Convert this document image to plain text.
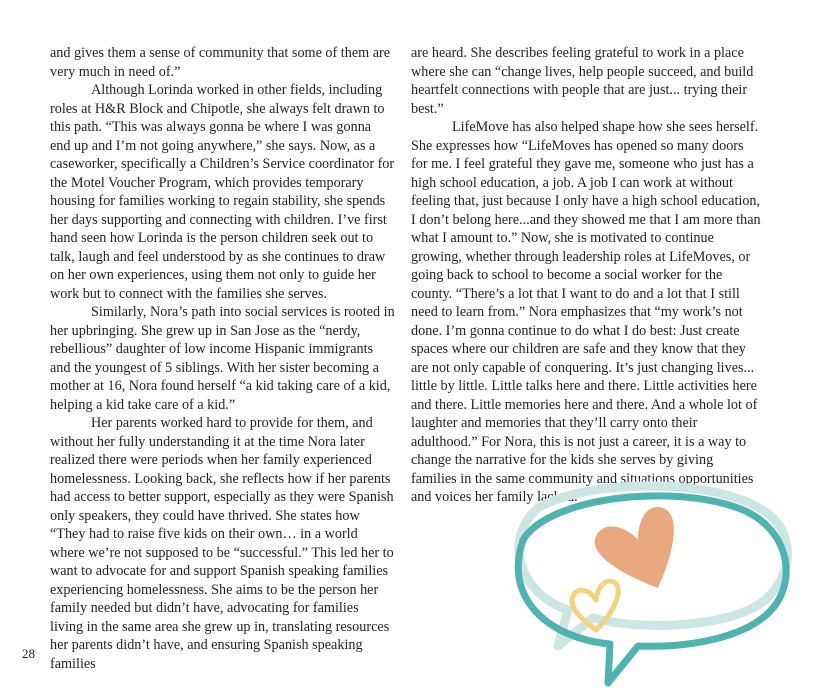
and gives them a sense of community that some of them are very much in need of.”

Although Lorinda worked in other fields, including roles at H&R Block and Chipotle, she always felt drawn to this path. “This was always gonna be where I was gonna end up and I’m not going anywhere,” she says. Now, as a caseworker, specifically a Children’s Service coordinator for the Motel Voucher Program, which provides temporary housing for families working to regain stability, she spends her days supporting and connecting with children. I’ve first hand seen how Lorinda is the person children seek out to talk, laugh and feel understood by as she continues to draw on her own experiences, using them not only to guide her work but to connect with the families she serves.

Similarly, Nora’s path into social services is rooted in her upbringing. She grew up in San Jose as the “nerdy, rebellious” daughter of low income Hispanic immigrants and the youngest of 5 siblings. With her sister becoming a mother at 16, Nora found herself “a kid taking care of a kid, helping a kid take care of a kid.”

Her parents worked hard to provide for them, and without her fully understanding it at the time Nora later realized there were periods when her family experienced homelessness. Looking back, she reflects how if her parents had access to better support, especially as they were Spanish only speakers, they could have thrived. She states how “They had to raise five kids on their own… in a world where we’re not supposed to be “successful.” This led her to want to advocate for and support Spanish speaking families experiencing homelessness. She aims to be the person her family needed but didn’t have, advocating for families living in the same area she grew up in, translating resources her parents didn’t have, and ensuring Spanish speaking families

are heard. She describes feeling grateful to work in a place where she can “change lives, help people succeed, and build heartfelt connections with people that are just... trying their best.”

LifeMove has also helped shape how she sees herself. She expresses how “LifeMoves has opened so many doors for me. I feel grateful they gave me, someone who just has a high school education, a job. A job I can work at without feeling that, just because I only have a high school education, I don’t belong here...and they showed me that I am more than what I amount to.” Now, she is motivated to continue growing, whether through leadership roles at LifeMoves, or going back to school to become a social worker for the county. “There’s a lot that I want to do and a lot that I still need to learn from.” Nora emphasizes that “my work’s not done. I’m gonna continue to do what I do best: Just create spaces where our children are safe and they know that they are not only capable of conquering. It’s just changing lives... little by little. Little talks here and there. Little activities here and there. Little memories here and there. And a whole lot of laughter and memories that they’ll carry onto their adulthood.” For Nora, this is not just a career, it is a way to change the narrative for the kids she serves by giving families in the same community and situations opportunities and voices her family lacked.

28
